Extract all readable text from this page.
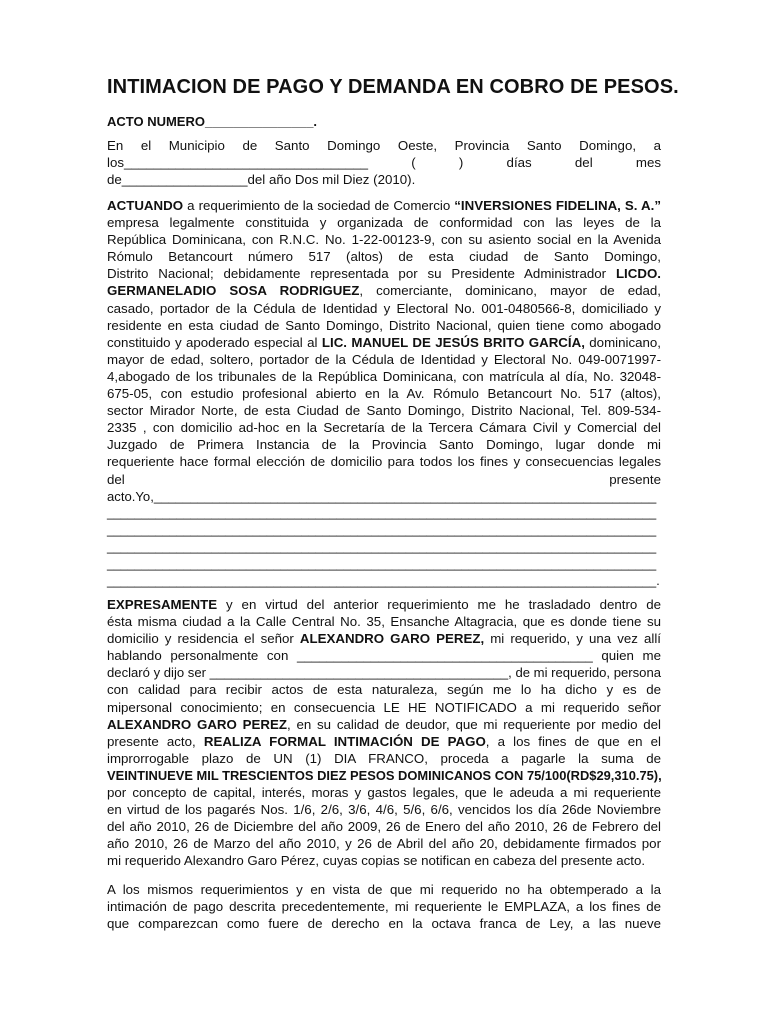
INTIMACION DE PAGO Y DEMANDA EN COBRO DE PESOS.
ACTO NUMERO_______________.
En el Municipio de Santo Domingo Oeste, Provincia Santo Domingo, a
los_________________________________ ( ) días del mes
de_________________del año Dos mil Diez (2010).
ACTUANDO a requerimiento de la sociedad de Comercio “INVERSIONES FIDELINA, S. A.”
empresa legalmente constituida y organizada de conformidad con las leyes de la
República Dominicana, con R.N.C. No. 1-22-00123-9, con su asiento social en la Avenida
Rómulo Betancourt número 517 (altos) de esta ciudad de Santo Domingo,
Distrito Nacional; debidamente representada por su Presidente Administrador LICDO.
GERMANELADIO SOSA RODRIGUEZ, comerciante, dominicano, mayor de edad,
casado, portador de la Cédula de Identidad y Electoral No. 001-0480566-8, domiciliado y
residente en esta ciudad de Santo Domingo, Distrito Nacional, quien tiene como abogado
constituido y apoderado especial al LIC. MANUEL DE JESÚS BRITO GARCÍA, dominicano,
mayor de edad, soltero, portador de la Cédula de Identidad y Electoral No. 049-0071997-
4,abogado de los tribunales de la República Dominicana, con matrícula al día, No. 32048-
675-05, con estudio profesional abierto en la Av. Rómulo Betancourt No. 517 (altos),
sector Mirador Norte, de esta Ciudad de Santo Domingo, Distrito Nacional, Tel. 809-534-
2335 , con domicilio ad-hoc en la Secretaría de la Tercera Cámara Civil y Comercial del
Juzgado de Primera Instancia de la Provincia Santo Domingo, lugar donde mi
requeriente hace formal elección de domicilio para todos los fines y consecuencias legales
del presente
acto.Yo,_____________________________________________________________________
_______________________________________________________________________________
_______________________________________________________________________________
_______________________________________________________________________________
_______________________________________________________________________________
_______________________________________________________________________________.
EXPRESAMENTE y en virtud del anterior requerimiento me he trasladado dentro de
ésta misma ciudad a la Calle Central No. 35, Ensanche Altagracia, que es donde tiene su
domicilio y residencia el señor ALEXANDRO GARO PEREZ, mi requerido, y una vez allí
hablando personalmente con ________________________________________ quien me
declaró y dijo ser _________________________________________, de mi requerido, persona
con calidad para recibir actos de esta naturaleza, según me lo ha dicho y es de
mipersonal conocimiento; en consecuencia LE HE NOTIFICADO a mi requerido señor
ALEXANDRO GARO PEREZ, en su calidad de deudor, que mi requeriente por medio del
presente acto, REALIZA FORMAL INTIMACIÓN DE PAGO, a los fines de que en el
improrrogable plazo de UN (1) DIA FRANCO, proceda a pagarle la suma de
VEINTINUEVE MIL TRESCIENTOS DIEZ PESOS DOMINICANOS CON 75/100(RD$29,310.75),
por concepto de capital, interés, moras y gastos legales, que le adeuda a mi requeriente
en virtud de los pagarés Nos. 1/6, 2/6, 3/6, 4/6, 5/6, 6/6, vencidos los día 26de Noviembre
del año 2010, 26 de Diciembre del año 2009, 26 de Enero del año 2010, 26 de Febrero del
año 2010, 26 de Marzo del año 2010, y 26 de Abril del año 20, debidamente firmados por
mi requerido Alexandro Garo Pérez, cuyas copias se notifican en cabeza del presente acto.
A los mismos requerimientos y en vista de que mi requerido no ha obtemperado a la
intimación de pago descrita precedentemente, mi requeriente le EMPLAZA, a los fines de
que comparezcan como fuere de derecho en la octava franca de Ley, a las nueve
